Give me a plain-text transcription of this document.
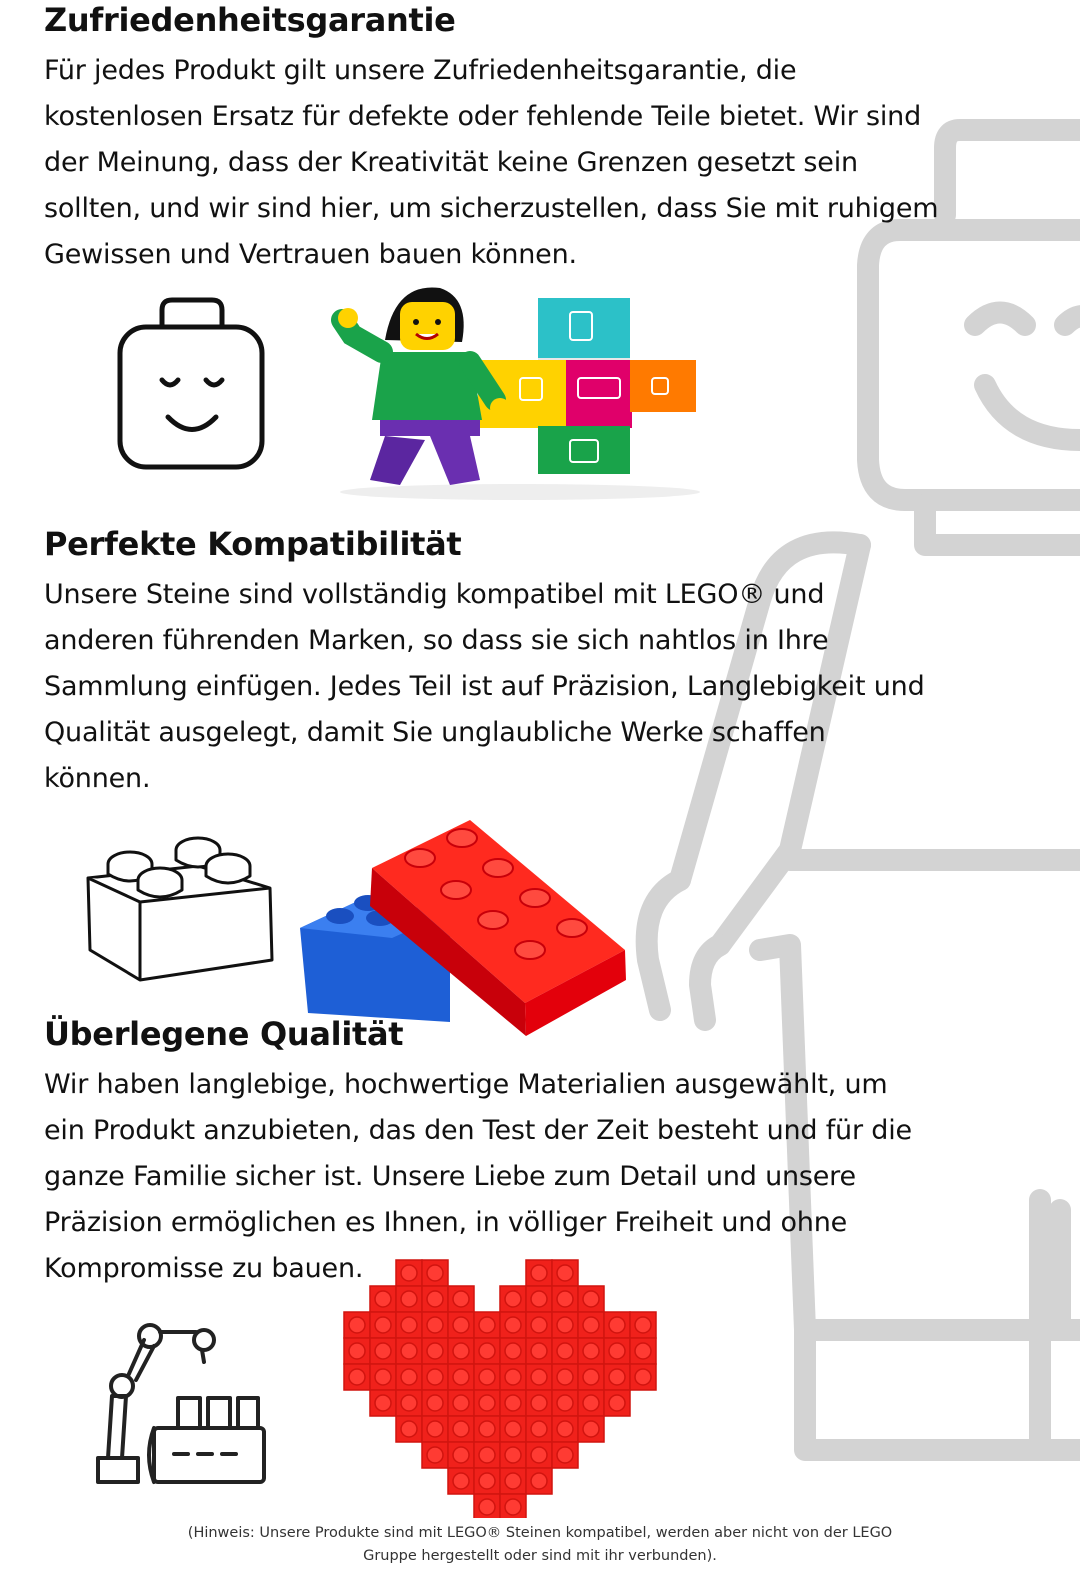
Zufriedenheitsgarantie

Für jedes Produkt gilt unsere Zufriedenheitsgarantie, die
kostenlosen Ersatz für defekte oder fehlende Teile bietet. Wir sind
der Meinung, dass der Kreativität keine Grenzen gesetzt sein
sollten, und wir sind hier, um sicherzustellen, dass Sie mit ruhigem
Gewissen und Vertrauen bauen können.

Perfekte Kompatibilität

Unsere Steine sind vollständig kompatibel mit LEGO® und
anderen führenden Marken, so dass sie sich nahtlos in Ihre
Sammlung einfügen. Jedes Teil ist auf Präzision, Langlebigkeit und
Qualität ausgelegt, damit Sie unglaubliche Werke schaffen
können.

Überlegene Qualität

Wir haben langlebige, hochwertige Materialien ausgewählt, um
ein Produkt anzubieten, das den Test der Zeit besteht und für die
ganze Familie sicher ist. Unsere Liebe zum Detail und unsere
Präzision ermöglichen es Ihnen, in völliger Freiheit und ohne
Kompromisse zu bauen.

(Hinweis: Unsere Produkte sind mit LEGO® Steinen kompatibel, werden aber nicht von der LEGO
Gruppe hergestellt oder sind mit ihr verbunden).
